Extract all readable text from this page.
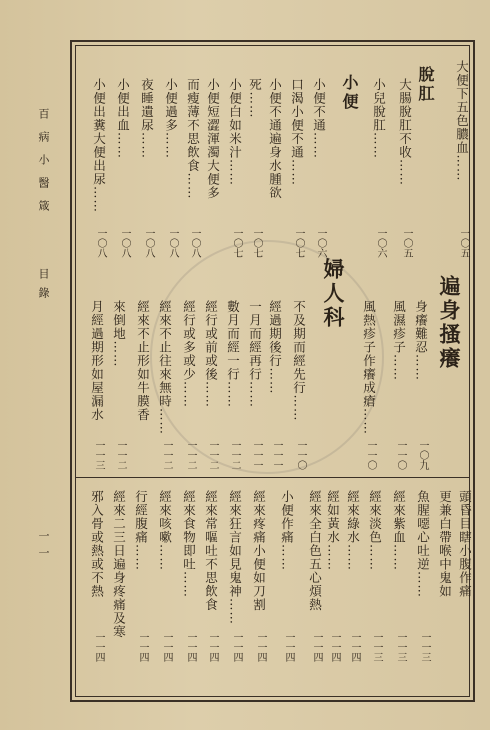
百病小醫箴
目錄
一一
遍身搔癢
婦人科
小便	脫肛 大便下五色膿血……
一〇五
大腸脫肛不收……
一〇五
小兒脫肛……
一〇六
小便不通……
一〇六
口渴小便不通……
一〇七
小便不通遍身水腫欲
死……
一〇七
小便白如米汁……
一〇七
小便短澀渾濁大便多
而瘦薄不思飲食……
一〇八
小便過多……
一〇八
夜睡遺尿……
一〇八
小便出血……
一〇八
小便出糞大便出尿……
一〇八
身癢難忍……
一〇九
風濕疹子……
一一〇
風熱疹子作癢成瘡……
一一〇
不及期而經先行……
一一〇
經過期後行……
一一一
一月而經再行……
一一一
數月而經一行……
一一二
經行或前或後……
一一二
經行或多或少……
一一二
經來不止往來無時……
一一二
經來不止形如牛膜香
來倒地……
一一二
月經過期形如屋漏水
一一三
頭昏目瞎小腹作痛
更兼白帶喉中鬼如
魚腥噁心吐逆……
一一三
經來紫血……
一一三
經來淡色……
一一三
經來綠水……
一一四
經如黃水……
一一四
經來全白色五心煩熱
一一四
小便作痛……
一一四
經來疼痛小便如刀割
一一四
經來狂言如見鬼神……
一一四
經來常嘔吐不思飲食
一一四
經來食物即吐……
一一四
經來咳嗽……
一一四
行經腹痛……
一一四
經來二三日遍身疼痛及寒
邪入骨或熱或不熱
一一四
